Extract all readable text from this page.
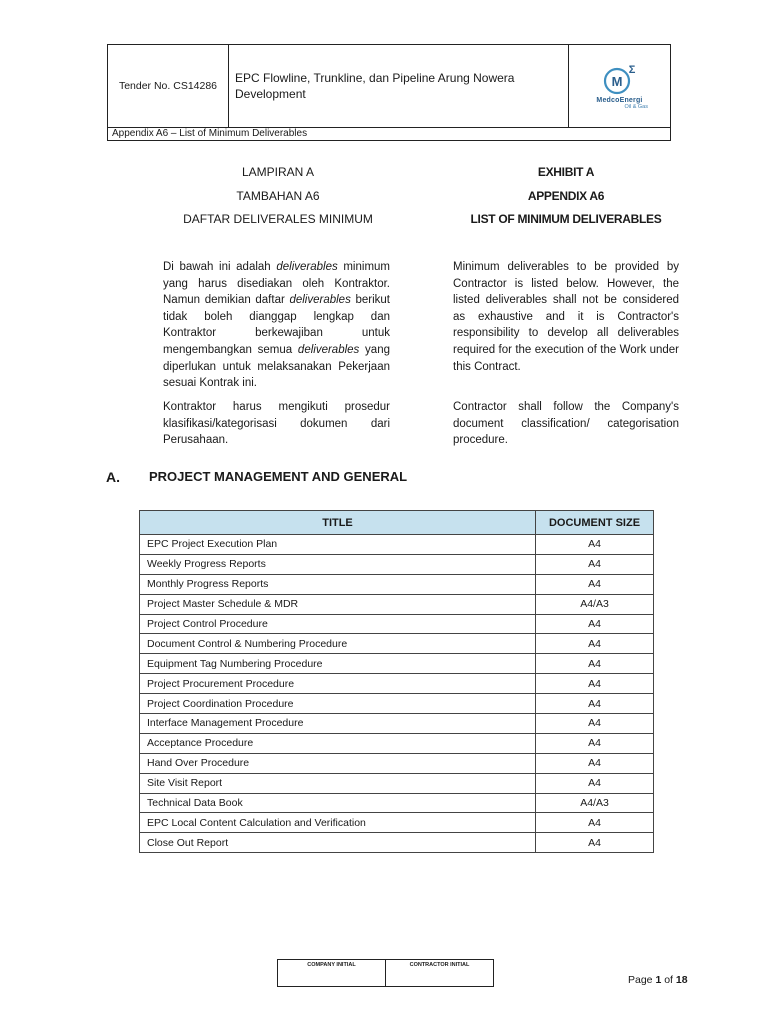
Tender No. CS14286
EPC Flowline, Trunkline, dan Pipeline Arung Nowera
Development
M
Σ
MedcoEnergi
Oil & Gas
Appendix A6 – List of Minimum Deliverables
LAMPIRAN A
TAMBAHAN A6
DAFTAR DELIVERALES MINIMUM
EXHIBIT A
APPENDIX A6
LIST OF MINIMUM DELIVERABLES
Di bawah ini adalah deliverables minimum yang harus disediakan oleh Kontraktor. Namun demikian daftar deliverables berikut tidak boleh dianggap lengkap dan Kontraktor berkewajiban untuk mengembangkan semua deliverables yang diperlukan untuk melaksanakan Pekerjaan sesuai Kontrak ini.
Kontraktor harus mengikuti prosedur klasifikasi/kategorisasi dokumen dari Perusahaan.
Minimum deliverables to be provided by Contractor is listed below. However, the listed deliverables shall not be considered as exhaustive and it is Contractor's responsibility to develop all deliverables required for the execution of the Work under this Contract.
Contractor shall follow the Company's document classification/ categorisation procedure.
A. PROJECT MANAGEMENT AND GENERAL
TITLE	DOCUMENT SIZE
EPC Project Execution Plan	A4
Weekly Progress Reports	A4
Monthly Progress Reports	A4
Project Master Schedule & MDR	A4/A3
Project Control Procedure	A4
Document Control & Numbering Procedure	A4
Equipment Tag Numbering Procedure	A4
Project Procurement Procedure	A4
Project Coordination Procedure	A4
Interface Management Procedure	A4
Acceptance Procedure	A4
Hand Over Procedure	A4
Site Visit Report	A4
Technical Data Book	A4/A3
EPC Local Content Calculation and Verification	A4
Close Out Report	A4
COMPANY INITIAL	CONTRACTOR INITIAL
Page 1 of 18
